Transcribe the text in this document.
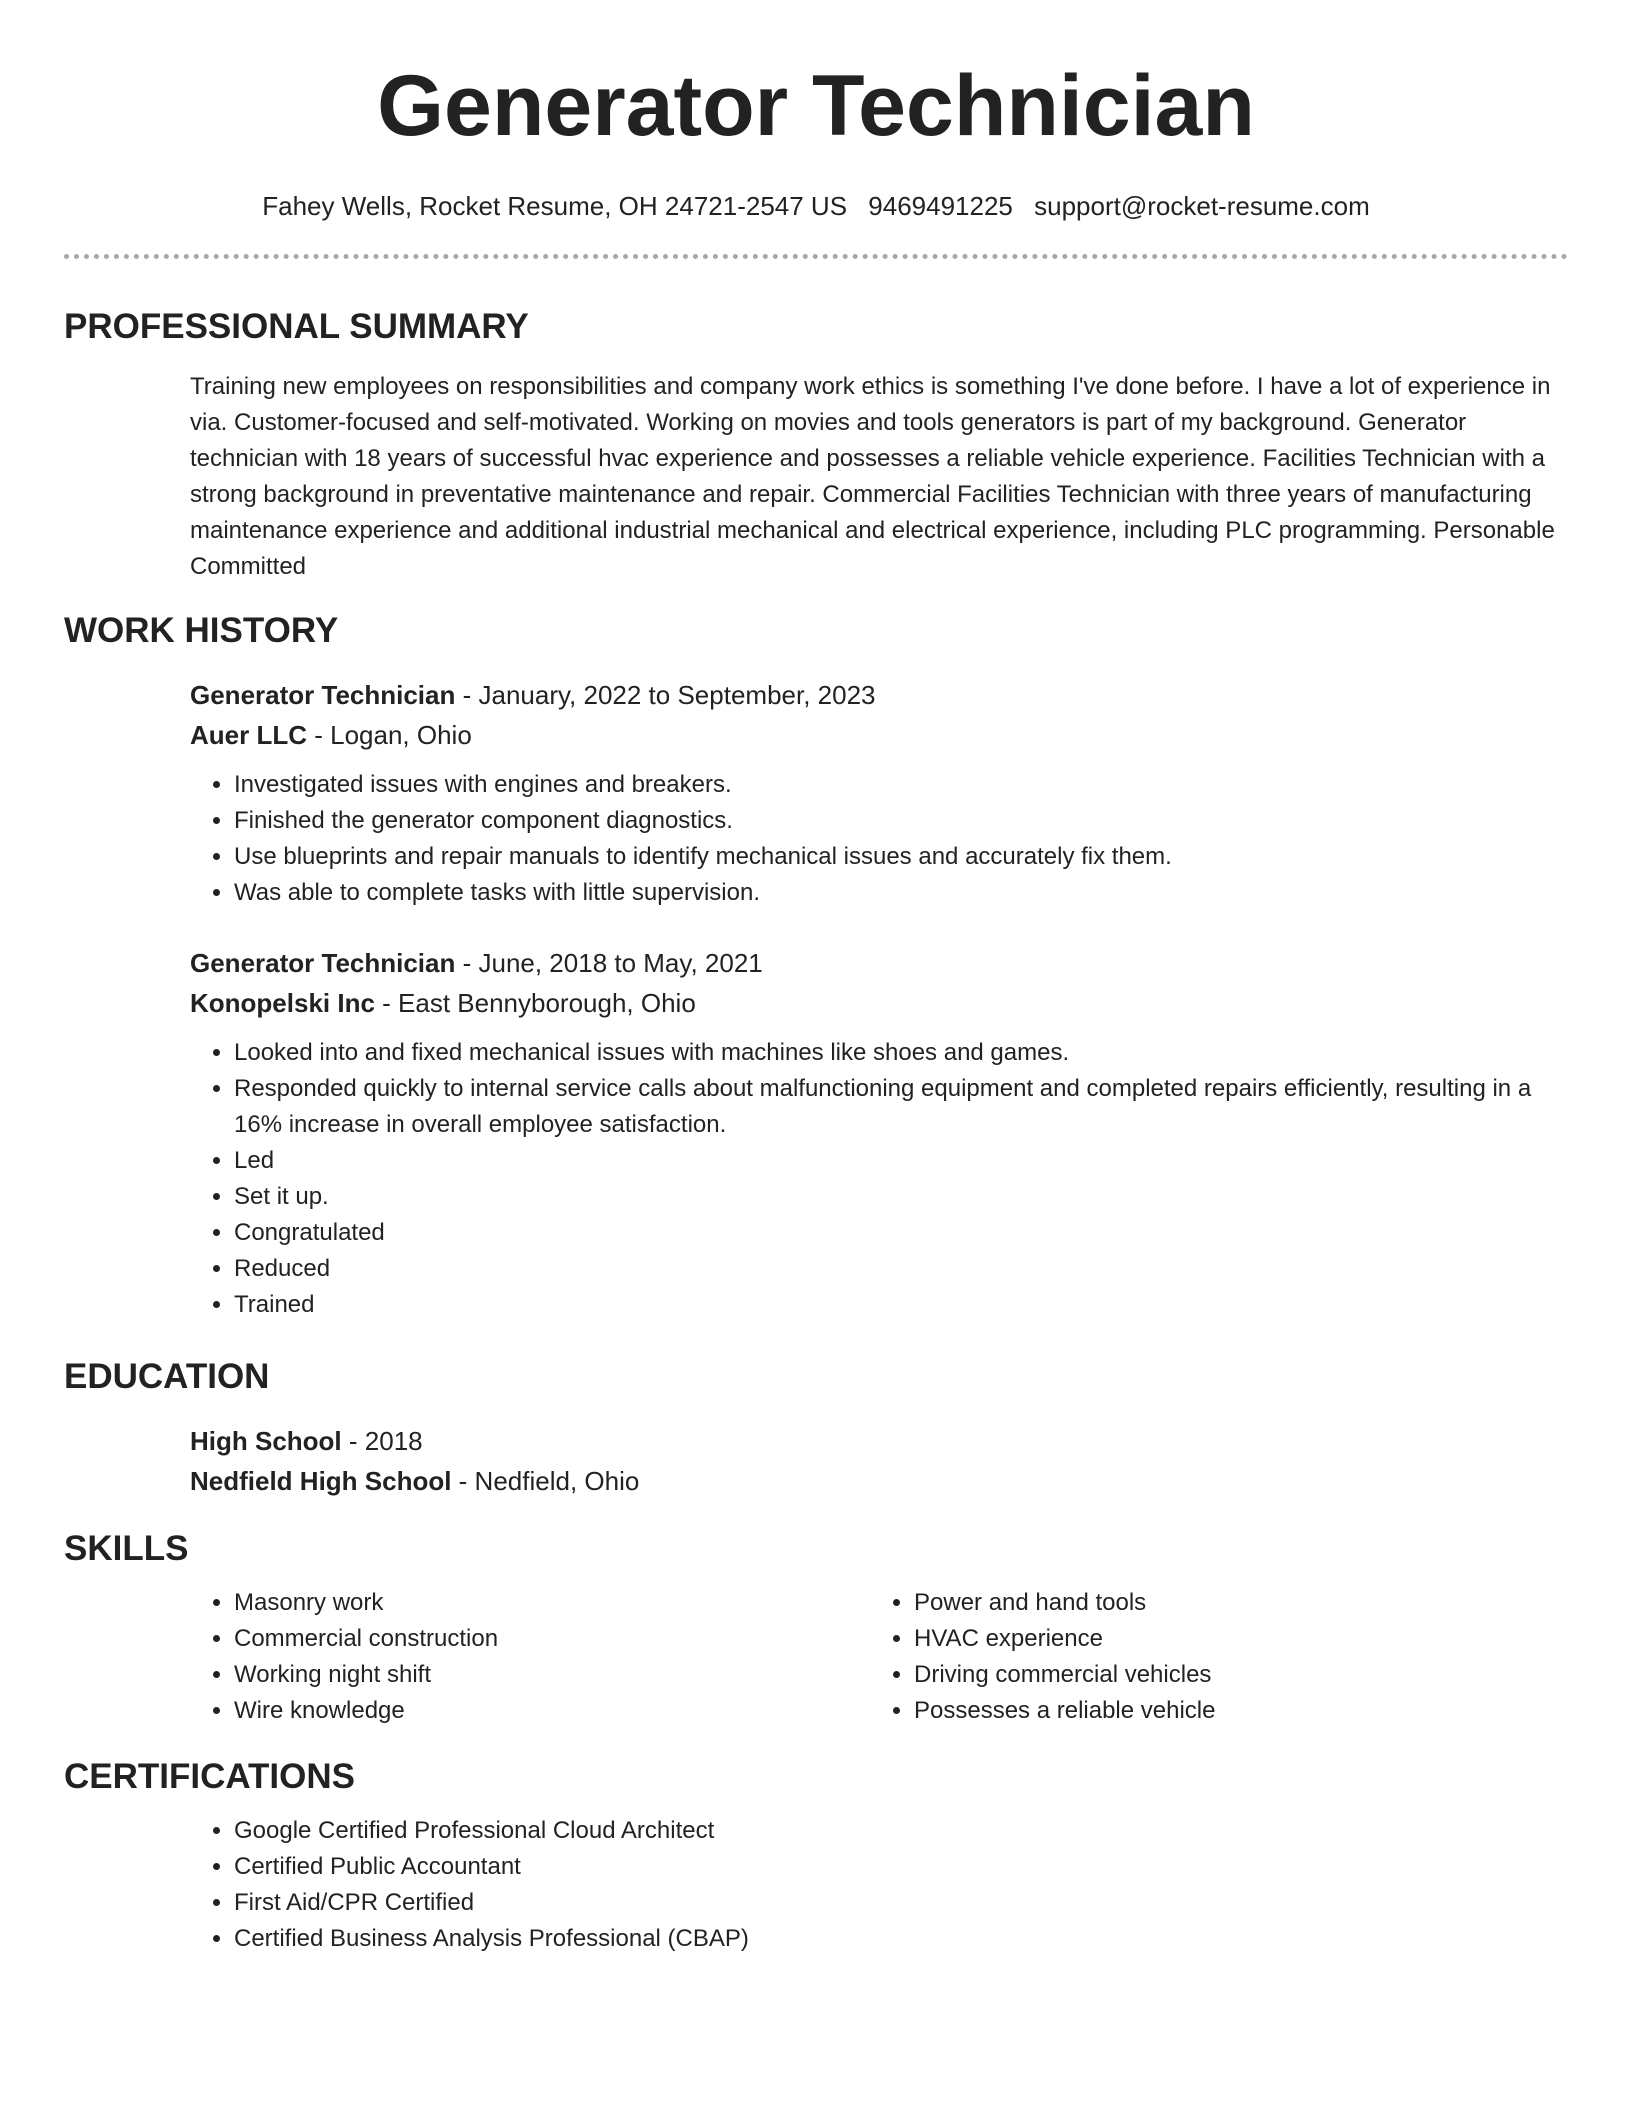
Generator Technician
Fahey Wells, Rocket Resume, OH 24721-2547 US 9469491225 support@rocket-resume.com
PROFESSIONAL SUMMARY
Training new employees on responsibilities and company work ethics is something I've done before. I have a lot of experience in via. Customer-focused and self-motivated. Working on movies and tools generators is part of my background. Generator technician with 18 years of successful hvac experience and possesses a reliable vehicle experience. Facilities Technician with a strong background in preventative maintenance and repair. Commercial Facilities Technician with three years of manufacturing maintenance experience and additional industrial mechanical and electrical experience, including PLC programming. Personable Committed
WORK HISTORY
Generator Technician - January, 2022 to September, 2023
Auer LLC - Logan, Ohio
• Investigated issues with engines and breakers.
• Finished the generator component diagnostics.
• Use blueprints and repair manuals to identify mechanical issues and accurately fix them.
• Was able to complete tasks with little supervision.
Generator Technician - June, 2018 to May, 2021
Konopelski Inc - East Bennyborough, Ohio
• Looked into and fixed mechanical issues with machines like shoes and games.
• Responded quickly to internal service calls about malfunctioning equipment and completed repairs efficiently, resulting in a 16% increase in overall employee satisfaction.
• Led
• Set it up.
• Congratulated
• Reduced
• Trained
EDUCATION
High School - 2018
Nedfield High School - Nedfield, Ohio
SKILLS
• Masonry work
• Commercial construction
• Working night shift
• Wire knowledge
• Power and hand tools
• HVAC experience
• Driving commercial vehicles
• Possesses a reliable vehicle
CERTIFICATIONS
• Google Certified Professional Cloud Architect
• Certified Public Accountant
• First Aid/CPR Certified
• Certified Business Analysis Professional (CBAP)
